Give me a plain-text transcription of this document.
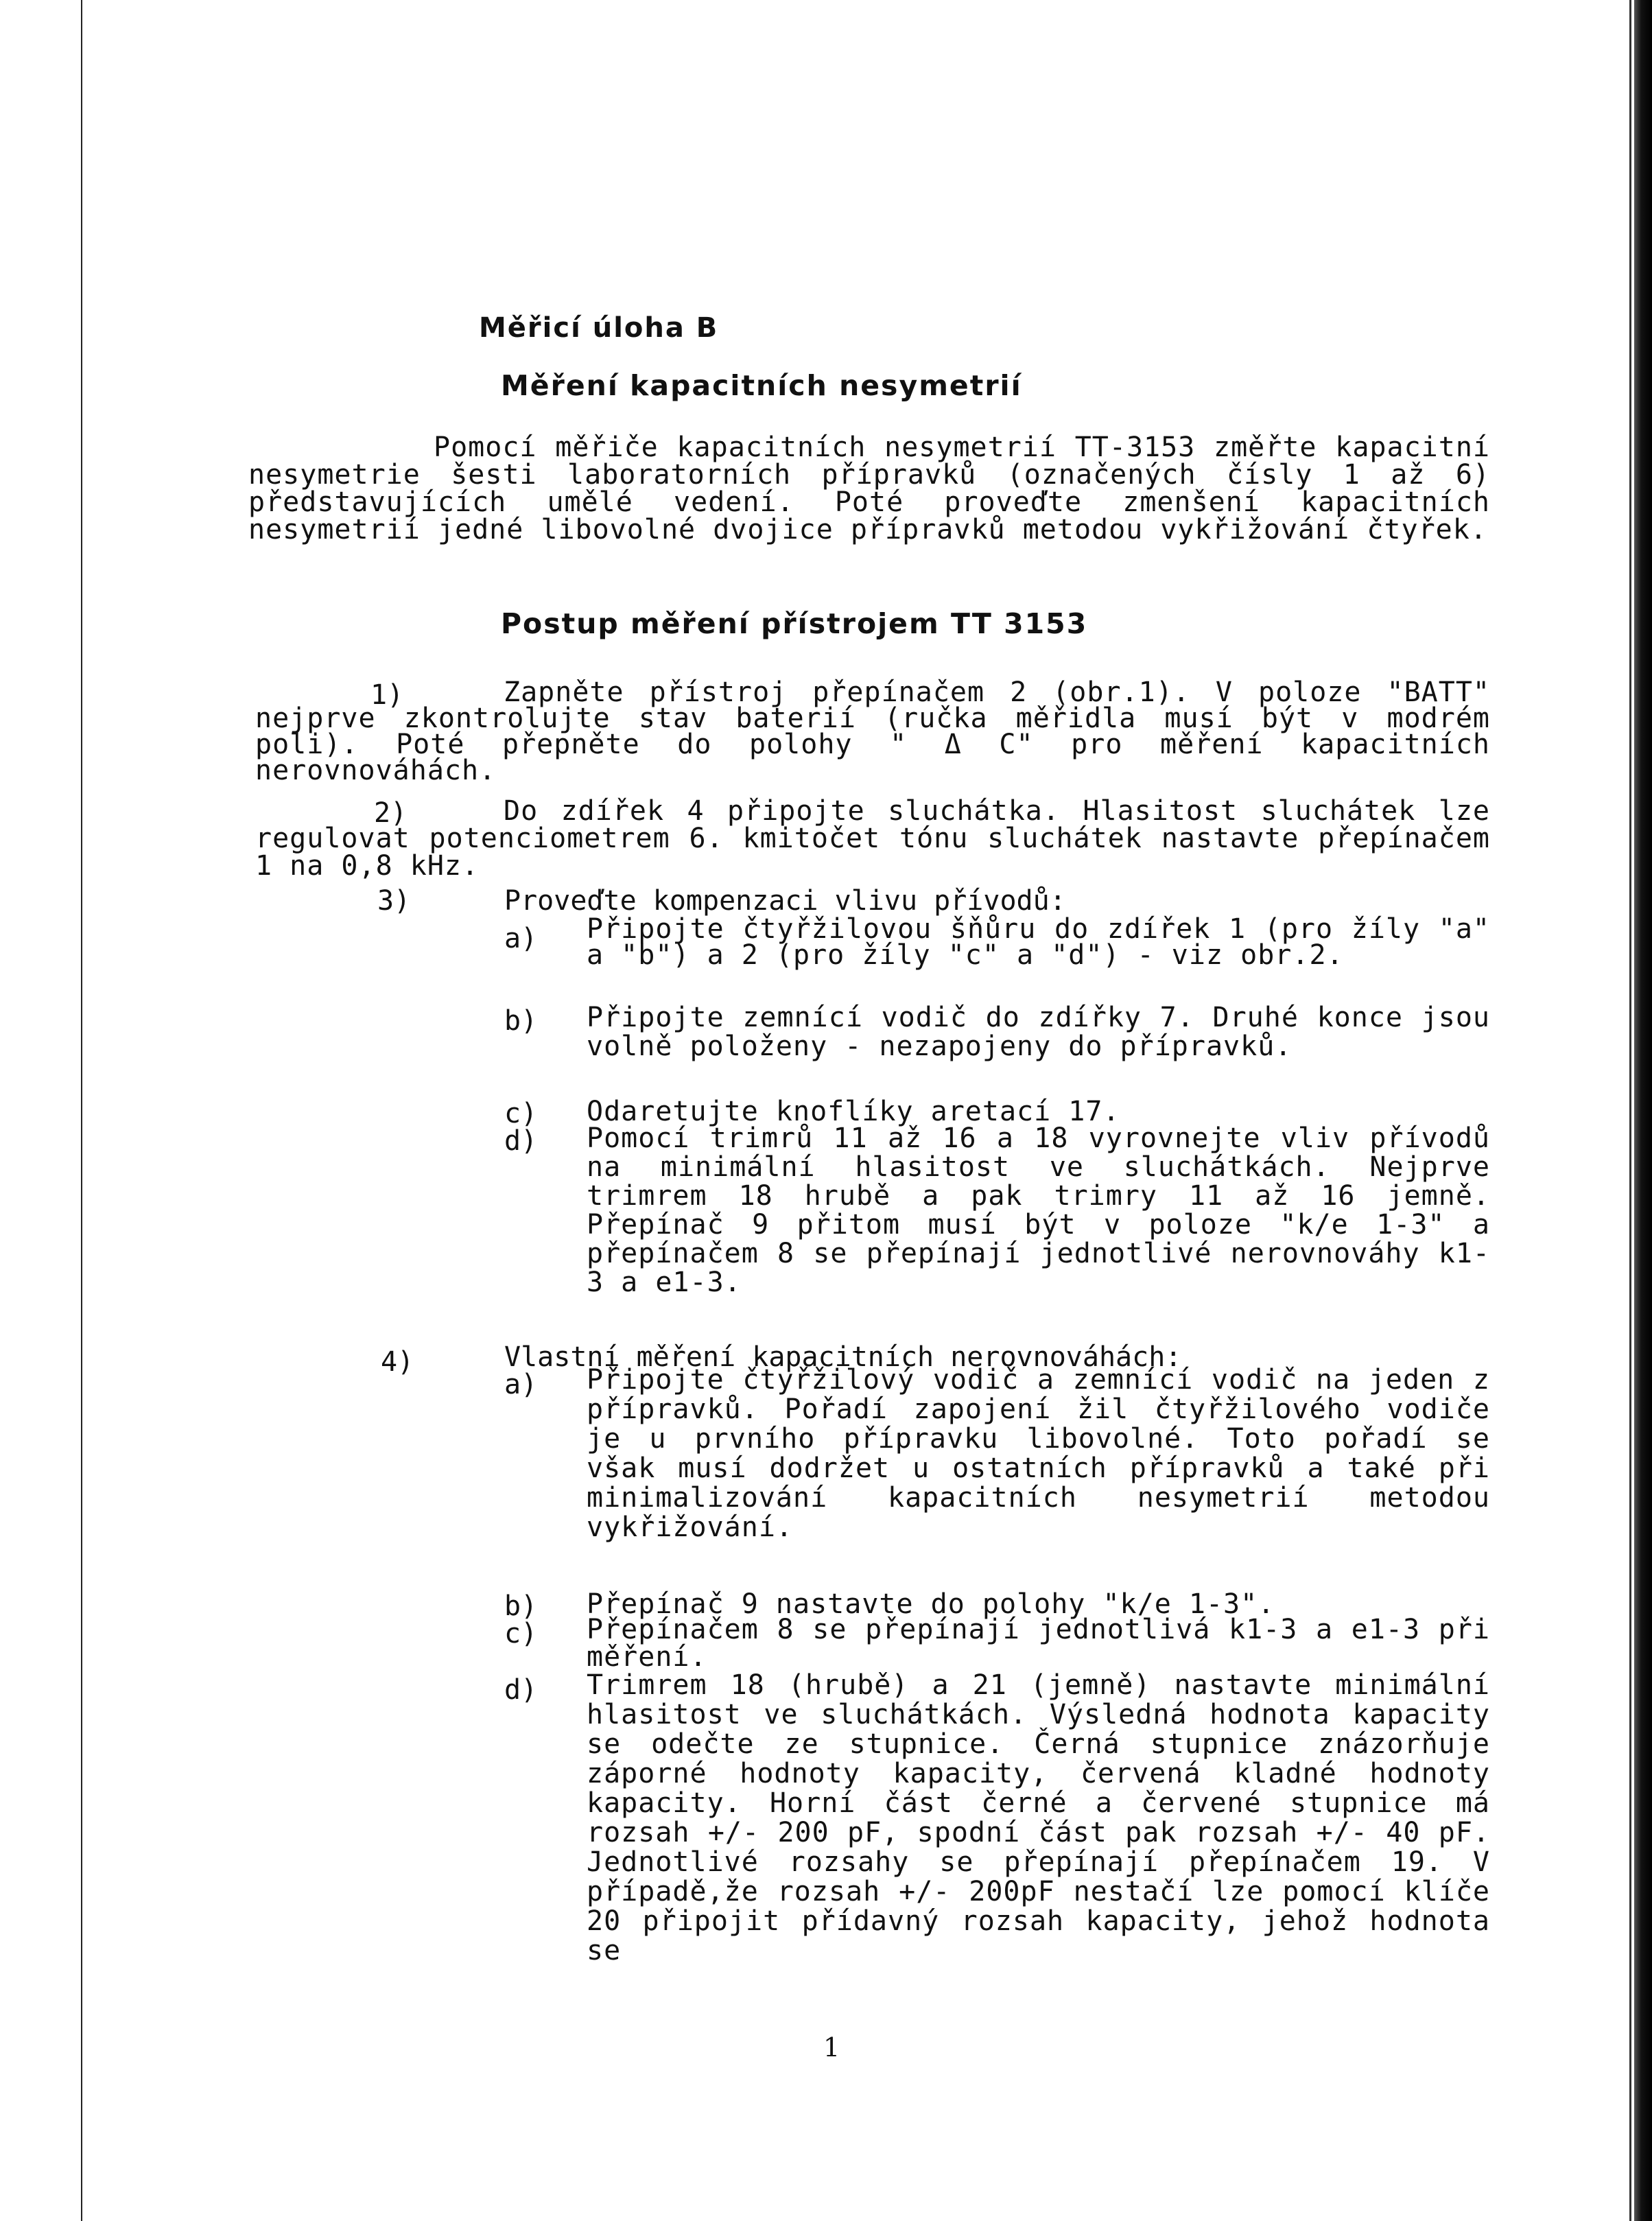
Měřicí úloha B
Měření kapacitních nesymetrií
Pomocí měřiče kapacitních nesymetrií TT-3153 změřte kapacitní nesymetrie šesti laboratorních přípravků (označených čísly 1 až 6) představujících umělé vedení. Poté proveďte zmenšení kapacitních nesymetrií jedné libovolné dvojice přípravků metodou vykřižování čtyřek.
Postup měření přístrojem TT 3153
1)	Zapněte přístroj přepínačem 2 (obr.1). V poloze "BATT" nejprve zkontrolujte stav baterií (ručka měřidla musí být v modrém poli). Poté přepněte do polohy " Δ C" pro měření kapacitních nerovnováhách.
2)	Do zdířek 4 připojte sluchátka. Hlasitost sluchátek lze regulovat potenciometrem 6. kmitočet tónu sluchátek nastavte přepínačem 1 na 0,8 kHz.
3)	Proveďte kompenzaci vlivu přívodů:
a) Připojte čtyřžilovou šňůru do zdířek 1 (pro žíly "a" a "b") a 2 (pro žíly "c" a "d") - viz obr.2.
b) Připojte zemnící vodič do zdířky 7. Druhé konce jsou volně položeny - nezapojeny do přípravků.
c) Odaretujte knoflíky aretací 17.
d) Pomocí trimrů 11 až 16 a 18 vyrovnejte vliv přívodů na minimální hlasitost ve sluchátkách. Nejprve trimrem 18 hrubě a pak trimry 11 až 16 jemně. Přepínač 9 přitom musí být v poloze "k/e 1-3" a přepínačem 8 se přepínají jednotlivé nerovnováhy k1-3 a e1-3.
4)	Vlastní měření kapacitních nerovnováhách:
a) Připojte čtyřžilový vodič a zemnící vodič na jeden z přípravků. Pořadí zapojení žil čtyřžilového vodiče je u prvního přípravku libovolné. Toto pořadí se však musí dodržet u ostatních přípravků a také při minimalizování kapacitních nesymetrií metodou vykřižování.
b) Přepínač 9 nastavte do polohy "k/e 1-3".
c) Přepínačem 8 se přepínají jednotlivá k1-3 a e1-3 při měření.
d) Trimrem 18 (hrubě) a 21 (jemně) nastavte minimální hlasitost ve sluchátkách. Výsledná hodnota kapacity se odečte ze stupnice. Černá stupnice znázorňuje záporné hodnoty kapacity, červená kladné hodnoty kapacity. Horní část černé a červené stupnice má rozsah +/- 200 pF, spodní část pak rozsah +/- 40 pF. Jednotlivé rozsahy se přepínají přepínačem 19. V případě,že rozsah +/- 200pF nestačí lze pomocí klíče 20 připojit přídavný rozsah kapacity, jehož hodnota se
1
